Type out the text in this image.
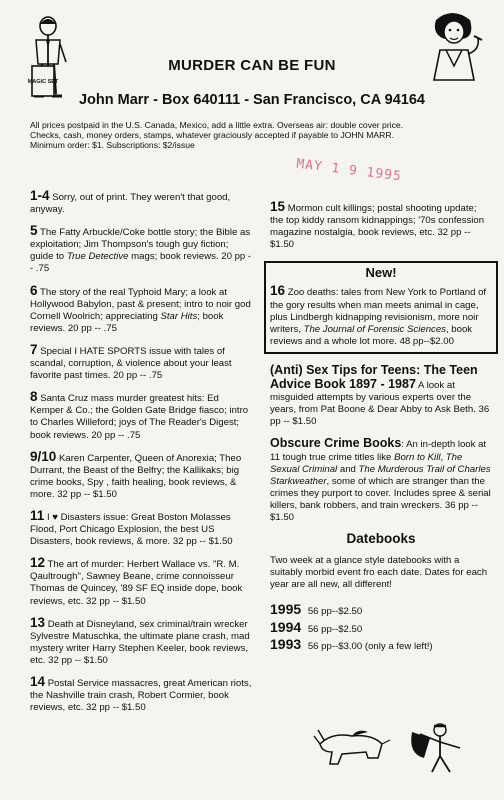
MAGIC SET
MURDER CAN BE FUN
John Marr - Box 640111 - San Francisco, CA 94164
All prices postpaid in the U.S. Canada, Mexico, add a little extra. Overseas air: double cover price.
Checks, cash, money orders, stamps, whatever graciously accepted if payable to JOHN MARR.
Minimum order: $1. Subscriptions: $2/issue
MAY 1 9 1995
1-4 Sorry, out of print. They weren't that good, anyway.
5 The Fatty Arbuckle/Coke bottle story; the Bible as exploitation; Jim Thompson's tough guy fiction; guide to True Detective mags; book reviews. 20 pp -- .75
6 The story of the real Typhoid Mary; a look at Hollywood Babylon, past & present; intro to noir god Cornell Woolrich; appreciating Star Hits; book reviews. 20 pp -- .75
7 Special I HATE SPORTS issue with tales of scandal, corruption, & violence about your least favorite past times. 20 pp -- .75
8 Santa Cruz mass murder greatest hits: Ed Kemper & Co.; the Golden Gate Bridge fiasco; intro to Charles Willeford; joys of The Reader's Digest; book reviews. 20 pp -- .75
9/10 Karen Carpenter, Queen of Anorexia; Theo Durrant, the Beast of the Belfry; the Kallikaks; big crime books, Spy , faith healing, book reviews, & more. 32 pp -- $1.50
11 I ♥ Disasters issue: Great Boston Molasses Flood, Port Chicago Explosion, the best US Disasters, book reviews, & more. 32 pp -- $1.50
12 The art of murder: Herbert Wallace vs. "R. M. Qaultrough", Sawney Beane, crime connoisseur Thomas de Quincey, '89 SF EQ inside dope, book reviews, etc. 32 pp -- $1.50
13 Death at Disneyland, sex criminal/train wrecker Sylvestre Matuschka, the ultimate plane crash, mad mystery writer Harry Stephen Keeler, book reviews, etc. 32 pp -- $1.50
14 Postal Service massacres, great American riots, the Nashville train crash, Robert Cormier, book reviews, etc. 32 pp -- $1.50
15 Mormon cult killings; postal shooting update; the top kiddy ransom kidnappings; '70s confession magazine nostalgia, book reviews, etc. 32 pp -- $1.50
New!
16 Zoo deaths: tales from New York to Portland of the gory results when man meets animal in cage, plus Lindbergh kidnapping revisionism, more noir writers, The Journal of Forensic Sciences, book reviews and a whole lot more. 48 pp--$2.00
(Anti) Sex Tips for Teens: The Teen Advice Book 1897 - 1987 A look at misguided attempts by various experts over the years, from Pat Boone & Dear Abby to Ask Beth. 36 pp -- $1.50
Obscure Crime Books: An in-depth look at 11 tough true crime titles like Born to Kill, The Sexual Criminal and The Murderous Trail of Charles Starkweather, some of which are stranger than the crimes they purport to cover. Includes spree & serial killers, bank robbers, and train wreckers. 36 pp -- $1.50
Datebooks
Two week at a glance style datebooks with a suitably morbid event fro each date. Dates for each year are all new, all different!
1995 56 pp--$2.50
1994 56 pp--$2.50
1993 56 pp--$3.00 (only a few left!)
